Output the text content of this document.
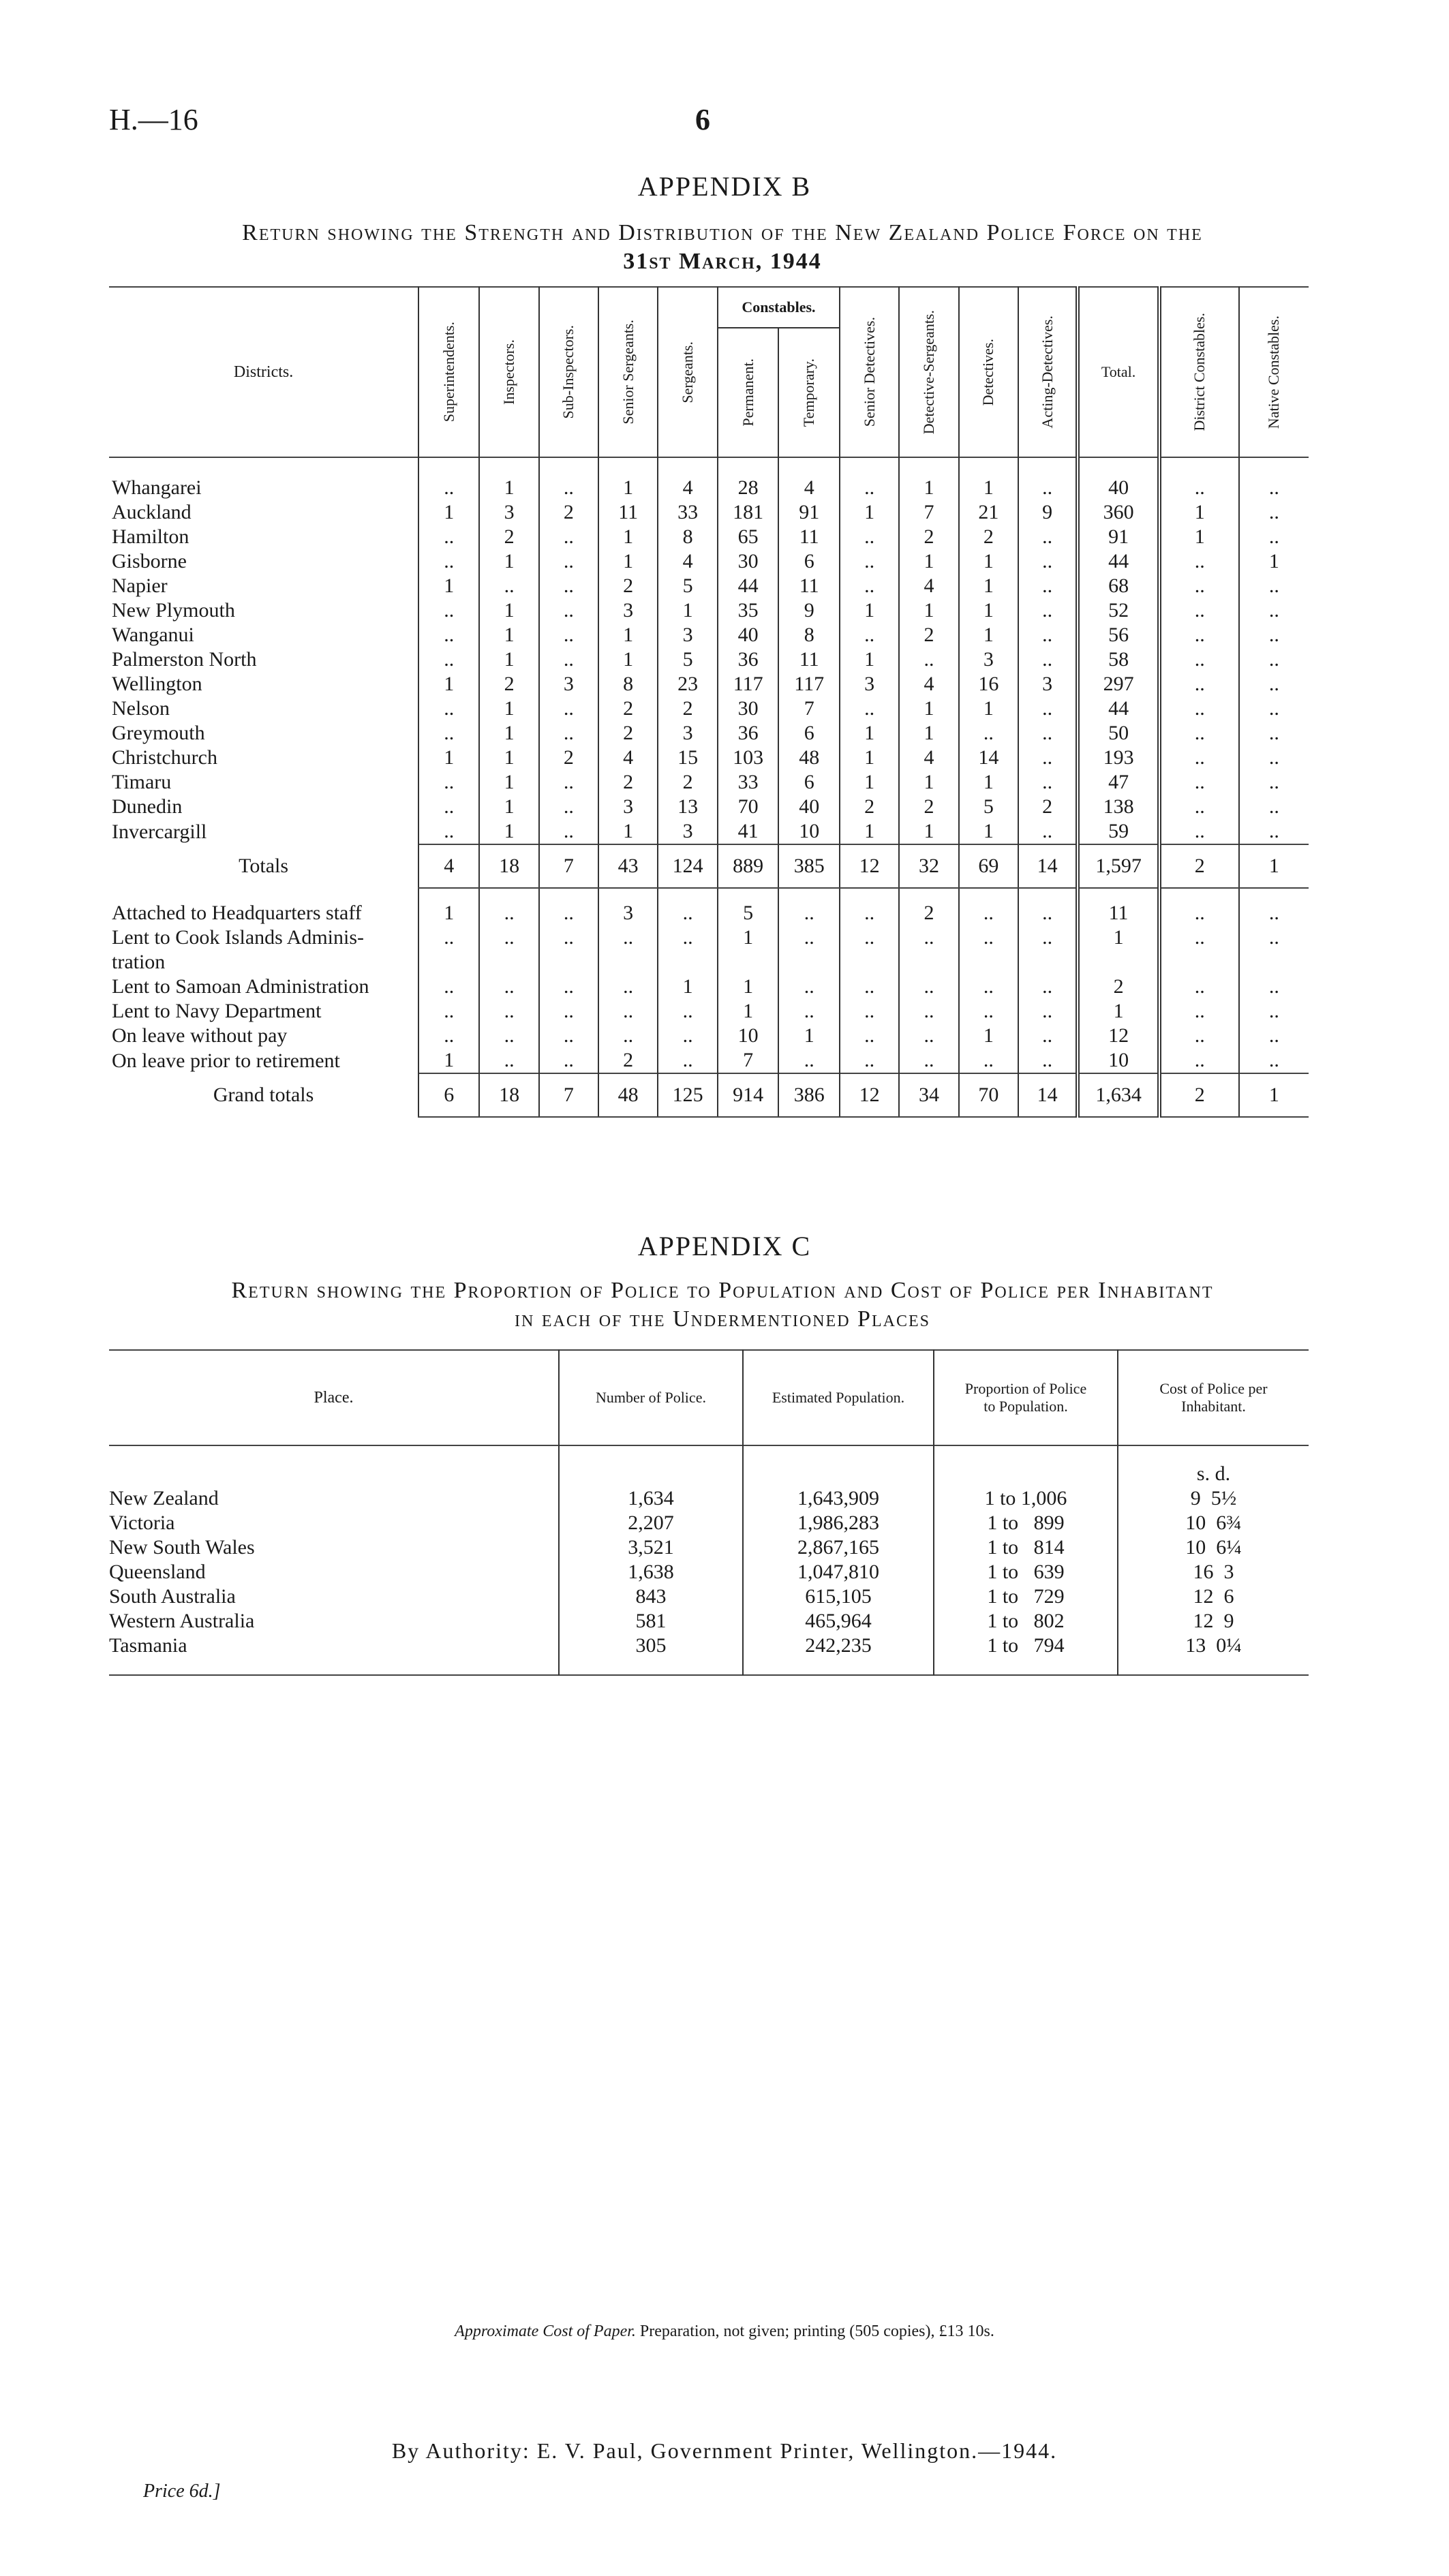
H.—16	6
APPENDIX B
Return showing the Strength and Distribution of the New Zealand Police Force on the
31st March, 1944
Districts.	Superintendents.	Inspectors.	Sub-Inspectors.	Senior Sergeants.	Sergeants.	Constables.		Senior Detectives.	Detective-Sergeants.	Detectives.	Acting-Detectives.	Total.	District Constables.	Native Constables.

						Permanent.	Temporary.							

Whangarei	..	1	..	1	4	28	4	..	1	1	..	40	..	..
Auckland	1	3	2	11	33	181	91	1	7	21	9	360	1	..
Hamilton	..	2	..	1	8	65	11	..	2	2	..	91	1	..
Gisborne	..	1	..	1	4	30	6	..	1	1	..	44	..	1
Napier	1	..	..	2	5	44	11	..	4	1	..	68	..	..
New Plymouth	..	1	..	3	1	35	9	1	1	1	..	52	..	..
Wanganui	..	1	..	1	3	40	8	..	2	1	..	56	..	..
Palmerston North	..	1	..	1	5	36	11	1	..	3	..	58	..	..
Wellington	1	2	3	8	23	117	117	3	4	16	3	297	..	..
Nelson	..	1	..	2	2	30	7	..	1	1	..	44	..	..
Greymouth	..	1	..	2	3	36	6	1	1	..	..	50	..	..
Christchurch	1	1	2	4	15	103	48	1	4	14	..	193	..	..
Timaru	..	1	..	2	2	33	6	1	1	1	..	47	..	..
Dunedin	..	1	..	3	13	70	40	2	2	5	2	138	..	..
Invercargill	..	1	..	1	3	41	10	1	1	1	..	59	..	..
Totals	4	18	7	43	124	889	385	12	32	69	14	1,597	2	1

Attached to Headquarters staff	1	..	..	3	..	5	..	..	2	..	..	11	..	..
Lent to Cook Islands Adminis-	..	..	..	..	..	1	..	..	..	..	..	1	..	..
tration														
Lent to Samoan Administration	..	..	..	..	1	1	..	..	..	..	..	2	..	..
Lent to Navy Department	..	..	..	..	..	1	..	..	..	..	..	1	..	..
On leave without pay	..	..	..	..	..	10	1	..	..	1	..	12	..	..
On leave prior to retirement	1	..	..	2	..	7	..	..	..	..	..	10	..	..
Grand totals	6	18	7	48	125	914	386	12	34	70	14	1,634	2	1
APPENDIX C
Return showing the Proportion of Police to Population and Cost of Police per Inhabitant
in each of the Undermentioned Places
Place.	Number of Police.	Estimated Population.	Proportion of Police to Population.	Cost of Police per Inhabitant.
				s. d.
New Zealand	1,634	1,643,909	1 to 1,006	9  5½
Victoria	2,207	1,986,283	1 to   899	10  6¾
New South Wales	3,521	2,867,165	1 to   814	10  6¼
Queensland	1,638	1,047,810	1 to   639	16  3
South Australia	843	615,105	1 to   729	12  6
Western Australia	581	465,964	1 to   802	12  9
Tasmania	305	242,235	1 to   794	13  0¼

Approximate Cost of Paper. Preparation, not given; printing (505 copies), £13 10s.
By Authority: E. V. Paul, Government Printer, Wellington.—1944.
Price 6d.]
